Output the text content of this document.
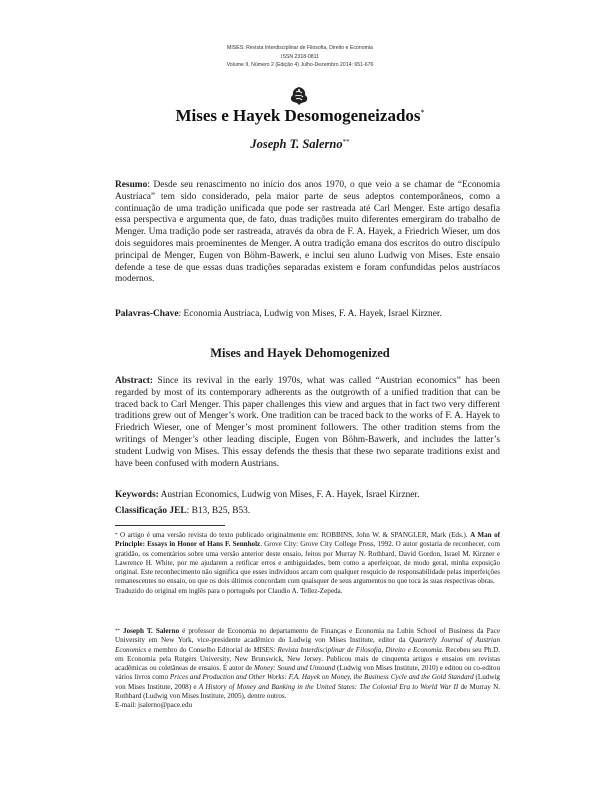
MISES: Revista Interdisciplinar de Filosofia, Direito e Economia
ISSN 2318-0811
Volume II, Número 2 (Edição 4) Julho-Dezembro 2014: 651-676
Mises e Hayek Desomogeneizados*
Joseph T. Salerno**
Resumo: Desde seu renascimento no início dos anos 1970, o que veio a se chamar de “Economia Austríaca” tem sido considerado, pela maior parte de seus adeptos contemporâneos, como a continuação de uma tradição unificada que pode ser rastreada até Carl Menger. Este artigo desafia essa perspectiva e argumenta que, de fato, duas tradições muito diferentes emergiram do trabalho de Menger. Uma tradição pode ser rastreada, através da obra de F. A. Hayek, a Friedrich Wieser, um dos dois seguidores mais proeminentes de Menger. A outra tradição emana dos escritos do outro discípulo principal de Menger, Eugen von Böhm-Bawerk, e inclui seu aluno Ludwig von Mises. Este ensaio defende a tese de que essas duas tradições separadas existem e foram confundidas pelos austríacos modernos.
Palavras-Chave: Economia Austríaca, Ludwig von Mises, F. A. Hayek, Israel Kirzner.
Mises and Hayek Dehomogenized
Abstract: Since its revival in the early 1970s, what was called “Austrian economics” has been regarded by most of its contemporary adherents as the outgrowth of a unified tradition that can be traced back to Carl Menger. This paper challenges this view and argues that in fact two very different traditions grew out of Menger’s work. One tradition can be traced back to the works of F. A. Hayek to Friedrich Wieser, one of Menger’s most prominent followers. The other tradition stems from the writings of Menger’s other leading disciple, Eugen von Böhm-Bawerk, and includes the latter’s student Ludwig von Mises. This essay defends the thesis that these two separate traditions exist and have been confused with modern Austrians.
Keywords: Austrian Economics, Ludwig von Mises, F. A. Hayek, Israel Kirzner.
Classificação JEL: B13, B25, B53.
* O artigo é uma versão revista do texto publicado originalmente em: ROBBINS, John W. & SPANGLER, Mark (Eds.). A Man of Principle: Essays in Honor of Hans F. Sennholz. Grove City: Grove City College Press, 1992. O autor gostaria de reconhecer, com gratidão, os comentários sobre uma versão anterior deste ensaio, feitos por Murray N. Rothbard, David Gordon, Israel M. Kirzner e Lawrence H. White, por me ajudarem a retificar erros e ambiguidades, bem como a aperfeiçoar, de modo geral, minha exposição original. Este reconhecimento não significa que esses indivíduos arcam com qualquer resquício de responsabilidade pelas imperfeições remanescentes no ensaio, ou que os dois últimos concordam com quaisquer de seus argumentos no que toca às suas respectivas obras.
Traduzido do original em inglês para o português por Claudio A. Tellez-Zepeda.
** Joseph T. Salerno é professor de Economia no departamento de Finanças e Economia na Lubin School of Business da Pace University em New York, vice-presidente acadêmico do Ludwig von Mises Institute, editor da Quarterly Journal of Austrian Economics e membro do Conselho Editorial de MISES: Revista Interdisciplinar de Filosofia, Direito e Economia. Recebeu seu Ph.D. em Economia pela Rutgers University, New Brunswick, New Jersey. Publicou mais de cinquenta artigos e ensaios em revistas acadêmicas ou coletâneas de ensaios. É autor de Money: Sound and Unsound (Ludwig von Mises Institute, 2010) e editou ou co-editou vários livros como Prices and Production and Other Works: F.A. Hayek on Money, the Business Cycle and the Gold Standard (Ludwig von Mises Institute, 2008) e A History of Money and Banking in the United States: The Colonial Era to World War II de Murray N. Rothbard (Ludwig von Mises Institute, 2005), dentre outros.
E-mail: jsalerno@pace.edu
